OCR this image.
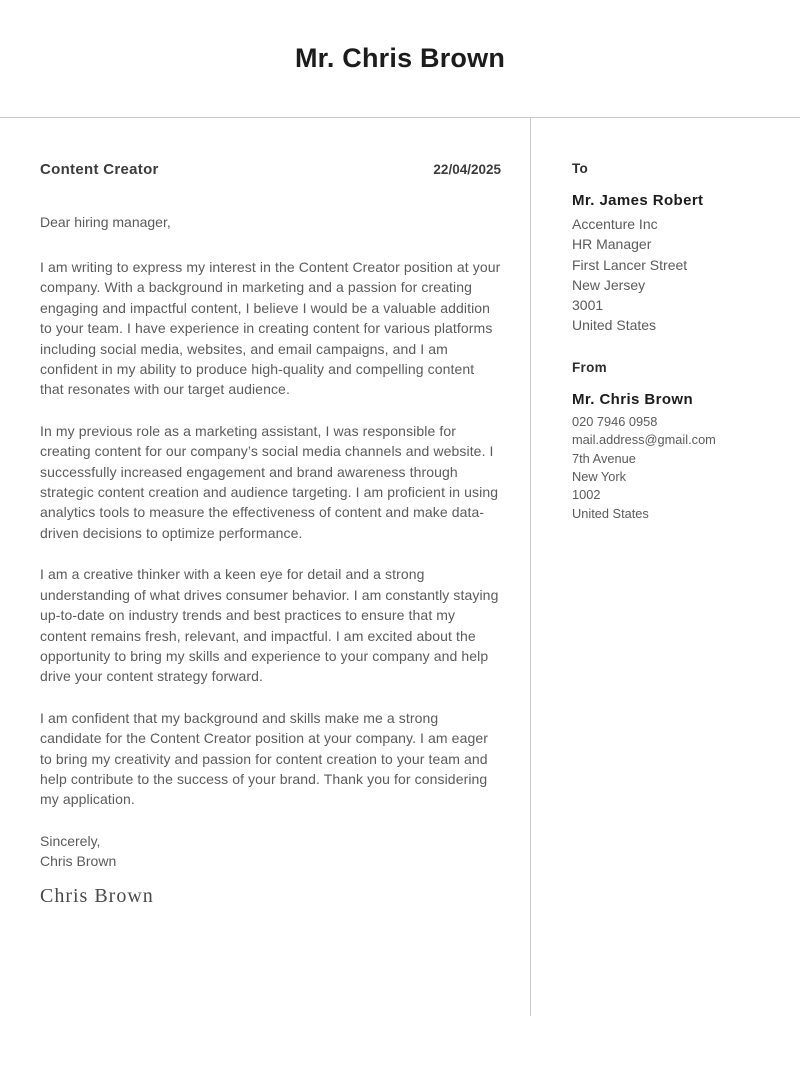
Mr. Chris Brown
Content Creator	22/04/2025
Dear hiring manager,

I am writing to express my interest in the Content Creator position at your company. With a background in marketing and a passion for creating engaging and impactful content, I believe I would be a valuable addition to your team. I have experience in creating content for various platforms including social media, websites, and email campaigns, and I am confident in my ability to produce high-quality and compelling content that resonates with our target audience.

In my previous role as a marketing assistant, I was responsible for creating content for our company’s social media channels and website. I successfully increased engagement and brand awareness through strategic content creation and audience targeting. I am proficient in using analytics tools to measure the effectiveness of content and make data-driven decisions to optimize performance.

I am a creative thinker with a keen eye for detail and a strong understanding of what drives consumer behavior. I am constantly staying up-to-date on industry trends and best practices to ensure that my content remains fresh, relevant, and impactful. I am excited about the opportunity to bring my skills and experience to your company and help drive your content strategy forward.

I am confident that my background and skills make me a strong candidate for the Content Creator position at your company. I am eager to bring my creativity and passion for content creation to your team and help contribute to the success of your brand. Thank you for considering my application.

Sincerely,
Chris Brown
Chris Brown
To
Mr. James Robert
Accenture Inc
HR Manager
First Lancer Street
New Jersey
3001
United States
From
Mr. Chris Brown
020 7946 0958
mail.address@gmail.com
7th Avenue
New York
1002
United States
